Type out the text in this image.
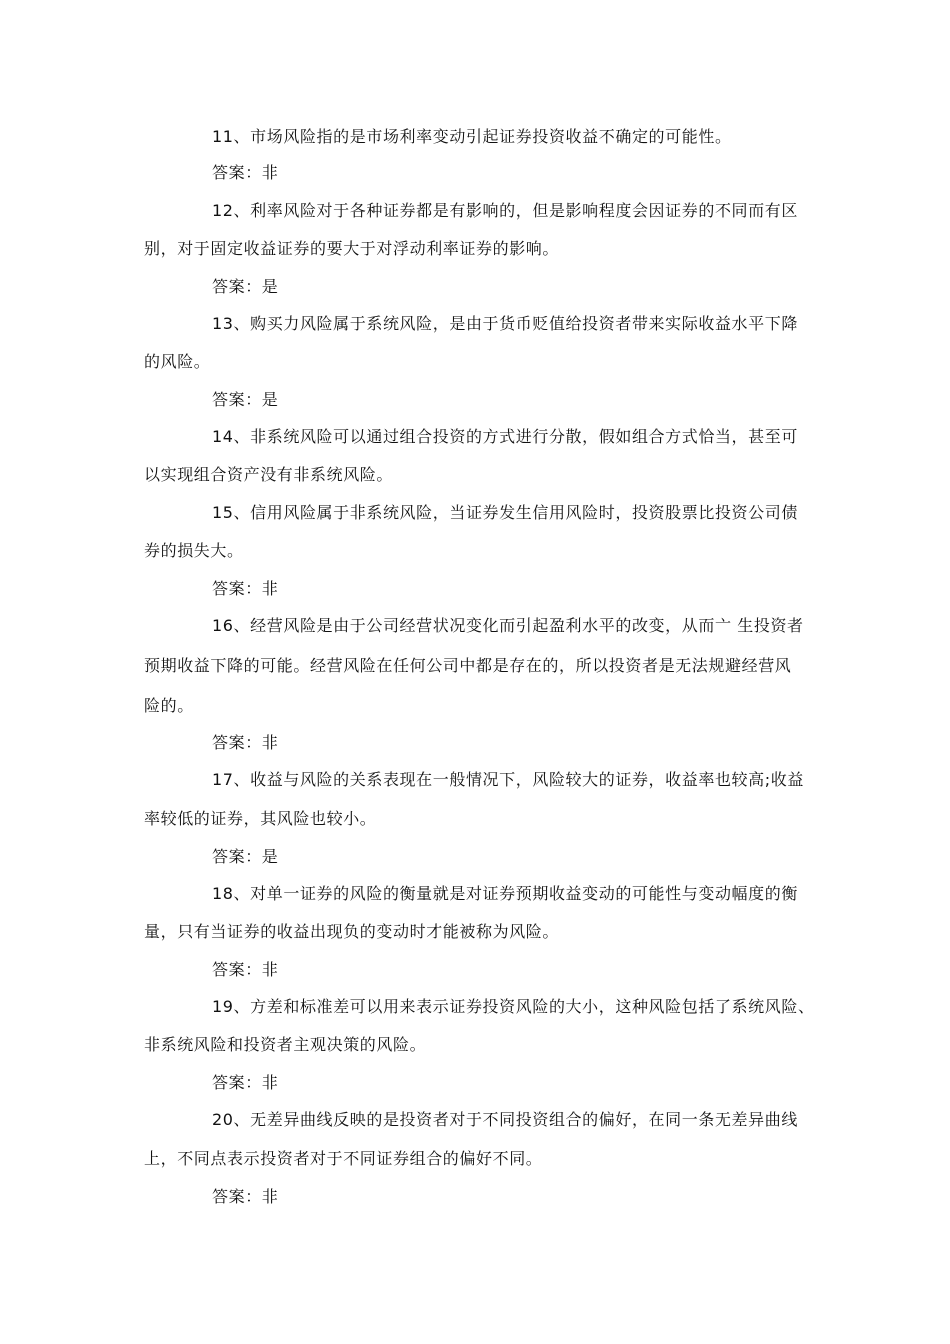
11、市场风险指的是市场利率变动引起证券投资收益不确定的可能性。
答案：非
12、利率风险对于各种证券都是有影响的，但是影响程度会因证券的不同而有区
别，对于固定收益证券的要大于对浮动利率证券的影响。
答案：是
13、购买力风险属于系统风险，是由于货币贬值给投资者带来实际收益水平下降
的风险。
答案：是
14、非系统风险可以通过组合投资的方式进行分散，假如组合方式恰当，甚至可
以实现组合资产没有非系统风险。
15、信用风险属于非系统风险，当证券发生信用风险时，投资股票比投资公司债
券的损失大。
答案：非
16、经营风险是由于公司经营状况变化而引起盈利水平的改变，从而亠 生投资者
预期收益下降的可能。经营风险在任何公司中都是存在的，所以投资者是无法规避经营风
险的。
答案：非
17、收益与风险的关系表现在一般情况下，风险较大的证券，收益率也较高;收益
率较低的证券，其风险也较小。
答案：是
18、对单一证券的风险的衡量就是对证券预期收益变动的可能性与变动幅度的衡
量，只有当证券的收益出现负的变动时才能被称为风险。
答案：非
19、方差和标准差可以用来表示证券投资风险的大小，这种风险包括了系统风险、
非系统风险和投资者主观决策的风险。
答案：非
20、无差异曲线反映的是投资者对于不同投资组合的偏好，在同一条无差异曲线
上，不同点表示投资者对于不同证券组合的偏好不同。
答案：非
